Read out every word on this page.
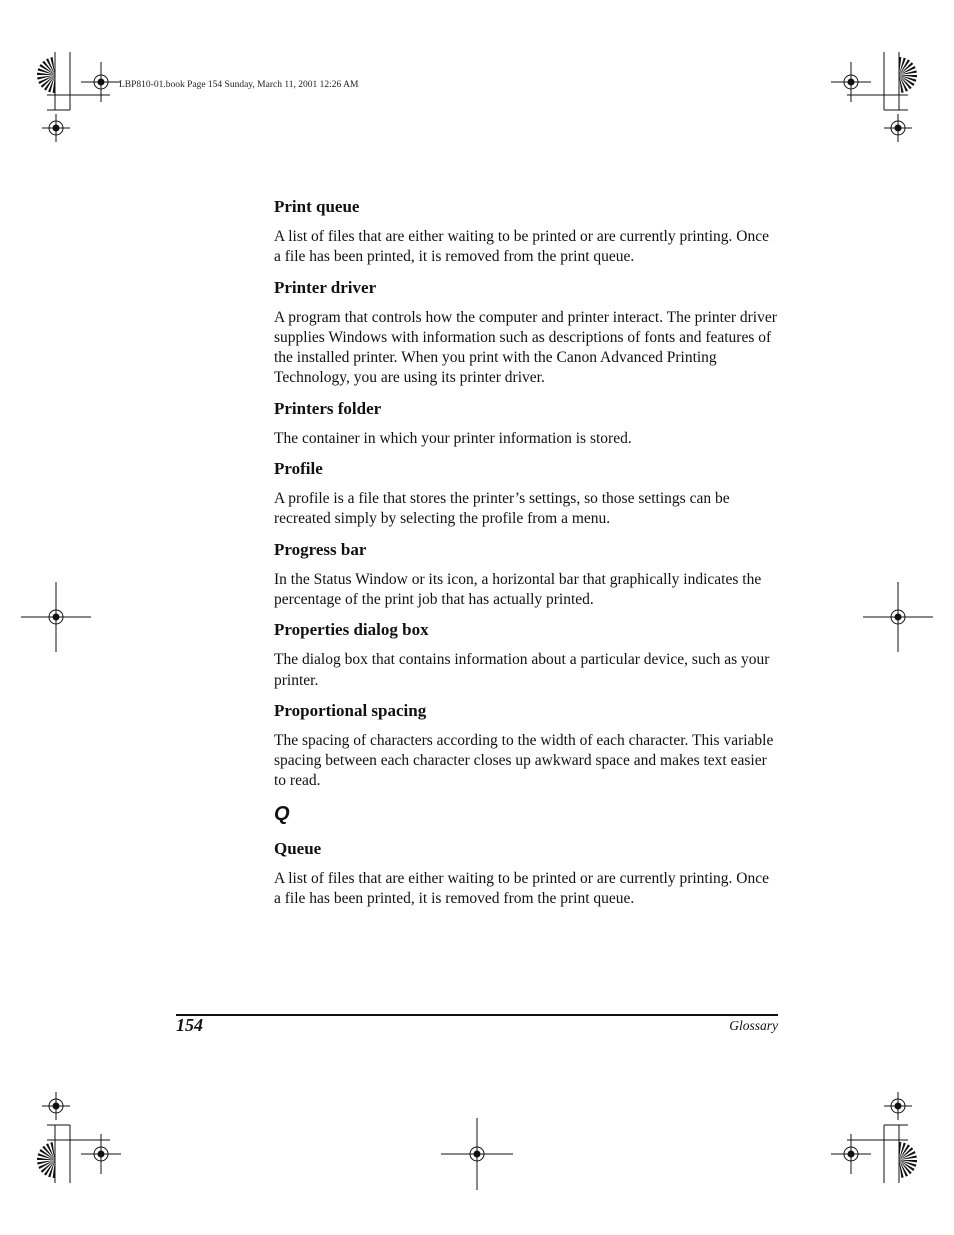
LBP810-01.book Page 154 Sunday, March 11, 2001 12:26 AM

Print queue

A list of files that are either waiting to be printed or are currently printing. Once a file has been printed, it is removed from the print queue.

Printer driver

A program that controls how the computer and printer interact. The printer driver supplies Windows with information such as descriptions of fonts and features of the installed printer. When you print with the Canon Advanced Printing Technology, you are using its printer driver.

Printers folder

The container in which your printer information is stored.

Profile

A profile is a file that stores the printer’s settings, so those settings can be recreated simply by selecting the profile from a menu.

Progress bar

In the Status Window or its icon, a horizontal bar that graphically indicates the percentage of the print job that has actually printed.

Properties dialog box

The dialog box that contains information about a particular device, such as your printer.

Proportional spacing

The spacing of characters according to the width of each character. This variable spacing between each character closes up awkward space and makes text easier to read.

Q

Queue

A list of files that are either waiting to be printed or are currently printing. Once a file has been printed, it is removed from the print queue.

154	Glossary
